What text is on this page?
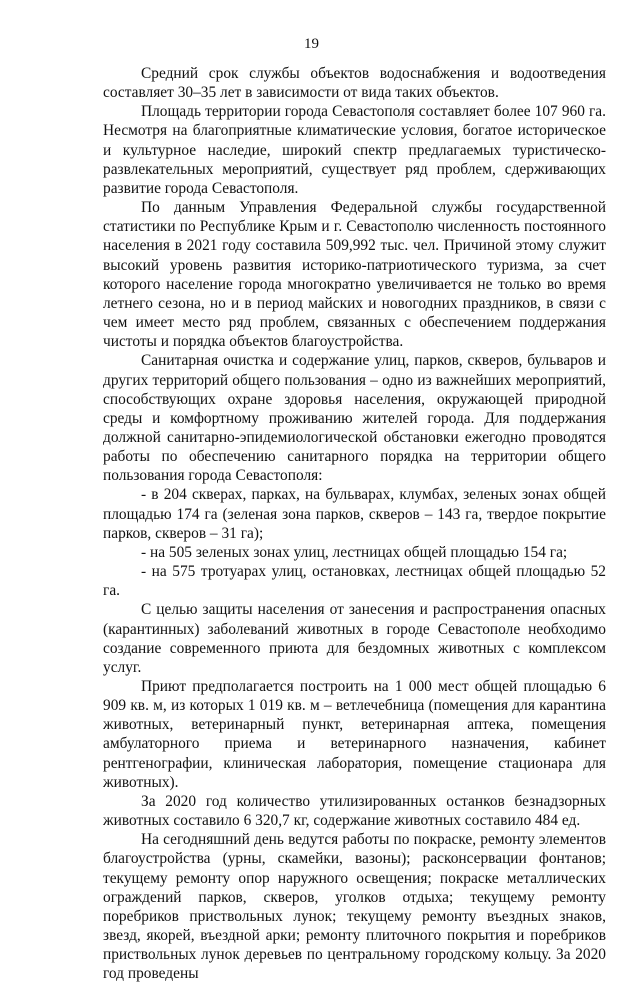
19

Средний срок службы объектов водоснабжения и водоотведения составляет 30–35 лет в зависимости от вида таких объектов.

Площадь территории города Севастополя составляет более 107 960 га. Несмотря на благоприятные климатические условия, богатое историческое и культурное наследие, широкий спектр предлагаемых туристическо-развлекательных мероприятий, существует ряд проблем, сдерживающих развитие города Севастополя.

По данным Управления Федеральной службы государственной статистики по Республике Крым и г. Севастополю численность постоянного населения в 2021 году составила 509,992 тыс. чел. Причиной этому служит высокий уровень развития историко-патриотического туризма, за счет которого население города многократно увеличивается не только во время летнего сезона, но и в период майских и новогодних праздников, в связи с чем имеет место ряд проблем, связанных с обеспечением поддержания чистоты и порядка объектов благоустройства.

Санитарная очистка и содержание улиц, парков, скверов, бульваров и других территорий общего пользования – одно из важнейших мероприятий, способствующих охране здоровья населения, окружающей природной среды и комфортному проживанию жителей города. Для поддержания должной санитарно-эпидемиологической обстановки ежегодно проводятся работы по обеспечению санитарного порядка на территории общего пользования города Севастополя:

- в 204 скверах, парках, на бульварах, клумбах, зеленых зонах общей площадью 174 га (зеленая зона парков, скверов – 143 га, твердое покрытие парков, скверов – 31 га);

- на 505 зеленых зонах улиц, лестницах общей площадью 154 га;

- на 575 тротуарах улиц, остановках, лестницах общей площадью 52 га.

С целью защиты населения от занесения и распространения опасных (карантинных) заболеваний животных в городе Севастополе необходимо создание современного приюта для бездомных животных с комплексом услуг.

Приют предполагается построить на 1 000 мест общей площадью 6 909 кв. м, из которых 1 019 кв. м – ветлечебница (помещения для карантина животных, ветеринарный пункт, ветеринарная аптека, помещения амбулаторного приема и ветеринарного назначения, кабинет рентгенографии, клиническая лаборатория, помещение стационара для животных).

За 2020 год количество утилизированных останков безнадзорных животных составило 6 320,7 кг, содержание животных составило 484 ед.

На сегодняшний день ведутся работы по покраске, ремонту элементов благоустройства (урны, скамейки, вазоны); расконсервации фонтанов; текущему ремонту опор наружного освещения; покраске металлических ограждений парков, скверов, уголков отдыха; текущему ремонту поребриков приствольных лунок; текущему ремонту въездных знаков, звезд, якорей, въездной арки; ремонту плиточного покрытия и поребриков приствольных лунок деревьев по центральному городскому кольцу. За 2020 год проведены
